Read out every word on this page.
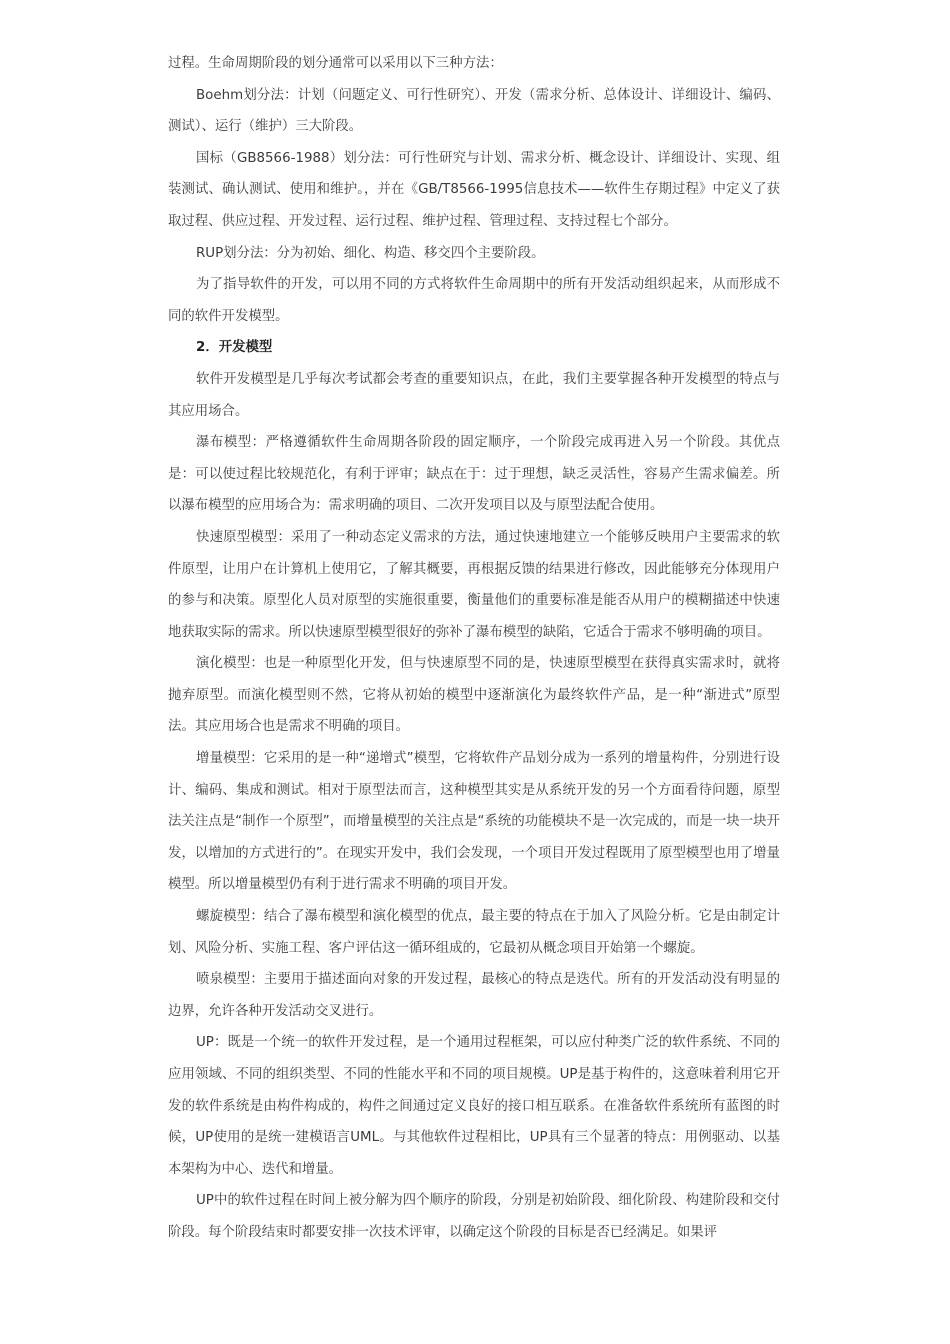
过程。生命周期阶段的划分通常可以采用以下三种方法：

Boehm划分法：计划（问题定义、可行性研究）、开发（需求分析、总体设计、详细设计、编码、测试）、运行（维护）三大阶段。

国标（GB8566-1988）划分法：可行性研究与计划、需求分析、概念设计、详细设计、实现、组装测试、确认测试、使用和维护。，并在《GB/T8566-1995信息技术——软件生存期过程》中定义了获取过程、供应过程、开发过程、运行过程、维护过程、管理过程、支持过程七个部分。

RUP划分法：分为初始、细化、构造、移交四个主要阶段。

为了指导软件的开发，可以用不同的方式将软件生命周期中的所有开发活动组织起来，从而形成不同的软件开发模型。

2．开发模型

软件开发模型是几乎每次考试都会考查的重要知识点，在此，我们主要掌握各种开发模型的特点与其应用场合。

瀑布模型：严格遵循软件生命周期各阶段的固定顺序，一个阶段完成再进入另一个阶段。其优点是：可以使过程比较规范化，有利于评审；缺点在于：过于理想，缺乏灵活性，容易产生需求偏差。所以瀑布模型的应用场合为：需求明确的项目、二次开发项目以及与原型法配合使用。

快速原型模型：采用了一种动态定义需求的方法，通过快速地建立一个能够反映用户主要需求的软件原型，让用户在计算机上使用它，了解其概要，再根据反馈的结果进行修改，因此能够充分体现用户的参与和决策。原型化人员对原型的实施很重要，衡量他们的重要标准是能否从用户的模糊描述中快速地获取实际的需求。所以快速原型模型很好的弥补了瀑布模型的缺陷，它适合于需求不够明确的项目。

演化模型：也是一种原型化开发，但与快速原型不同的是，快速原型模型在获得真实需求时，就将抛弃原型。而演化模型则不然，它将从初始的模型中逐渐演化为最终软件产品，是一种“渐进式”原型法。其应用场合也是需求不明确的项目。

增量模型：它采用的是一种“递增式”模型，它将软件产品划分成为一系列的增量构件，分别进行设计、编码、集成和测试。相对于原型法而言，这种模型其实是从系统开发的另一个方面看待问题，原型法关注点是“制作一个原型”，而增量模型的关注点是“系统的功能模块不是一次完成的，而是一块一块开发，以增加的方式进行的”。在现实开发中，我们会发现，一个项目开发过程既用了原型模型也用了增量模型。所以增量模型仍有利于进行需求不明确的项目开发。

螺旋模型：结合了瀑布模型和演化模型的优点，最主要的特点在于加入了风险分析。它是由制定计划、风险分析、实施工程、客户评估这一循环组成的，它最初从概念项目开始第一个螺旋。

喷泉模型：主要用于描述面向对象的开发过程，最核心的特点是迭代。所有的开发活动没有明显的边界，允许各种开发活动交叉进行。

UP：既是一个统一的软件开发过程，是一个通用过程框架，可以应付种类广泛的软件系统、不同的应用领域、不同的组织类型、不同的性能水平和不同的项目规模。UP是基于构件的，这意味着利用它开发的软件系统是由构件构成的，构件之间通过定义良好的接口相互联系。在准备软件系统所有蓝图的时候，UP使用的是统一建模语言UML。与其他软件过程相比，UP具有三个显著的特点：用例驱动、以基本架构为中心、迭代和增量。

UP中的软件过程在时间上被分解为四个顺序的阶段，分别是初始阶段、细化阶段、构建阶段和交付阶段。每个阶段结束时都要安排一次技术评审，以确定这个阶段的目标是否已经满足。如果评
